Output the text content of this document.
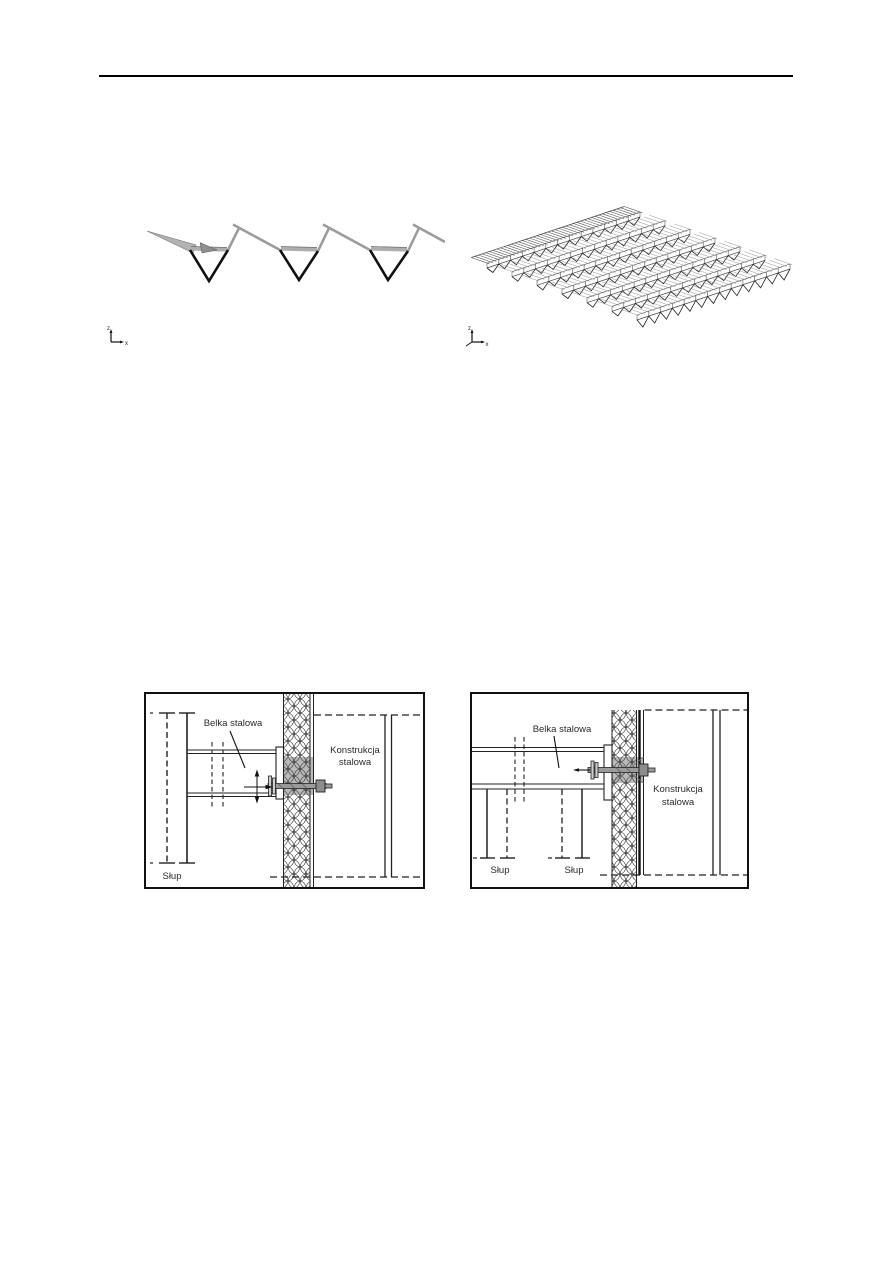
z
x
z
x
Belka stalowa
Konstrukcja
stalowa
Słup
Belka stalowa
Konstrukcja
stalowa
Słup	Słup
